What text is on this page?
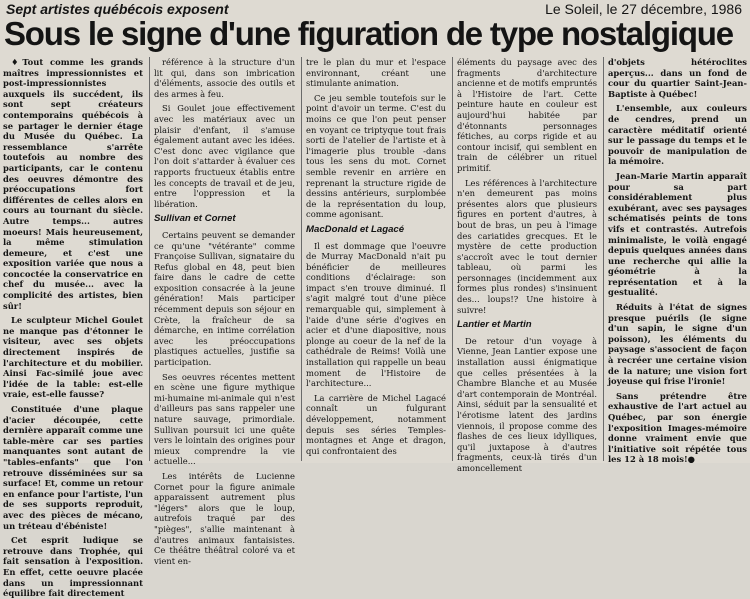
Sept artistes québécois exposent	Le Soleil, le 27 décembre, 1986
Sous le signe d'une figuration de type nostalgique

♦Tout comme les grands maîtres impressionnistes et post-impressionnistes auxquels ils succédent, ils sont sept créateurs contemporains québécois à se partager le dernier étage du Musée du Québec. La ressemblance s'arrête toutefois au nombre des participants, car le contenu des oeuvres démontre des préoccupations fort différentes de celles alors en cours au tournant du siècle. Autre temps... autres moeurs! Mais heureusement, la même stimulation demeure, et c'est une exposition variée que nous a concoctée la conservatrice en chef du musée... avec la complicité des artistes, bien sûr!

Le sculpteur Michel Goulet ne manque pas d'étonner le visiteur, avec ses objets directement inspirés de l'architecture et du mobilier. Ainsi Fac-similé joue avec l'idée de la table: est-elle vraie, est-elle fausse?

Constituée d'une plaque d'acier découpée, cette dernière apparaît comme une table-mère car ses parties manquantes sont autant de "tables-enfants" que l'on retrouve disséminées sur sa surface! Et, comme un retour en enfance pour l'artiste, l'un de ses supports reproduit, avec des pièces de mécano, un tréteau d'ébéniste!

Cet esprit ludique se retrouve dans Trophée, qui fait sensation à l'exposition. En effet, cette oeuvre placée dans un impressionnant équilibre fait directement

référence à la structure d'un lit qui, dans son imbrication d'éléments, associe des outils et des armes à feu.

Si Goulet joue effectivement avec les matériaux avec un plaisir d'enfant, il s'amuse également autant avec les idées. C'est donc avec vigilance que l'on doit s'attarder à évaluer ces rapports fructueux établis entre les concepts de travail et de jeu, entre l'oppression et la libération.

Sullivan et Cornet

Certains peuvent se demander ce qu'une "vétérante" comme Françoise Sullivan, signataire du Refus global en 48, peut bien faire dans le cadre de cette exposition consacrée à la jeune génération! Mais participer récemment depuis son séjour en Crète, la fraîcheur de sa démarche, en intime corrélation avec les préoccupations plastiques actuelles, justifie sa participation.

Ses oeuvres récentes mettent en scène une figure mythique mi-humaine mi-animale qui n'est d'ailleurs pas sans rappeler une nature sauvage, primordiale. Sullivan poursuit ici une quête vers le lointain des origines pour mieux comprendre la vie actuelle...

Les intérêts de Lucienne Cornet pour la figure animale apparaissent autrement plus "légers" alors que le loup, autrefois traqué par des "pièges", s'allie maintenant à d'autres animaux fantaisistes. Ce théâtre théâtral coloré va et vient en-

tre le plan du mur et l'espace environnant, créant une stimulante animation.

Ce jeu semble toutefois sur le point d'avoir un terme. C'est du moins ce que l'on peut penser en voyant ce triptyque tout frais sorti de l'atelier de l'artiste et à l'imagerie plus trouble -dans tous les sens du mot. Cornet semble revenir en arrière en reprenant la structure rigide de dessins antérieurs, surplombée de la représentation du loup, comme agonisant.

MacDonald et Lagacé

Il est dommage que l'oeuvre de Murray MacDonald n'ait pu bénéficier de meilleures conditions d'éclairage: son impact s'en trouve diminué. Il s'agit malgré tout d'une pièce remarquable qui, simplement à l'aide d'une série d'ogives en acier et d'une diapositive, nous plonge au coeur de la nef de la cathédrale de Reims! Voilà une installation qui rappelle un beau moment de l'Histoire de l'architecture...

La carrière de Michel Lagacé connaît un fulgurant développement, notamment depuis ses séries Temples-montagnes et Ange et dragon, qui confrontaient des

éléments du paysage avec des fragments d'architecture ancienne et de motifs empruntés à l'Histoire de l'art. Cette peinture haute en couleur est aujourd'hui habitée par d'étonnants personnages fétiches, au corps rigide et au contour incisif, qui semblent en train de célébrer un rituel primitif.

Les références à l'architecture n'en demeurent pas moins présentes alors que plusieurs figures en portent d'autres, à bout de bras, un peu à l'image des cariatides grecques. Et le mystère de cette production s'accroît avec le tout dernier tableau, où parmi les personnages (incidemment aux formes plus rondes) s'insinuent des... loups!? Une histoire à suivre!

Lantier et Martin

De retour d'un voyage à Vienne, Jean Lantier expose une installation aussi énigmatique que celles présentées à la Chambre Blanche et au Musée d'art contemporain de Montréal. Ainsi, séduit par la sensualité et l'érotisme latent des jardins viennois, il propose comme des flashes de ces lieux idylliques, qu'il juxtapose à d'autres fragments, ceux-là tirés d'un amoncellement

d'objets hétéroclites aperçus... dans un fond de cour du quartier Saint-Jean-Baptiste à Québec!

L'ensemble, aux couleurs de cendres, prend un caractère méditatif orienté sur le passage du temps et le pouvoir de manipulation de la mémoire.

Jean-Marie Martin apparaît pour sa part considérablement plus exubérant, avec ses paysages schématisés peints de tons vifs et contrastés. Autrefois minimaliste, le voilà engagé depuis quelques années dans une recherche qui allie la géométrie à la représentation et à la gestualité.

Réduits à l'état de signes presque puérils (le signe d'un sapin, le signe d'un poisson), les éléments du paysage s'associent de façon à recréer une certaine vision de la nature; une vision fort joyeuse qui frise l'ironie!

Sans prétendre être exhaustive de l'art actuel au Québec, par son énergie l'exposition Images-mémoire donne vraiment envie que l'initiative soit répétée tous les 12 à 18 mois!●
